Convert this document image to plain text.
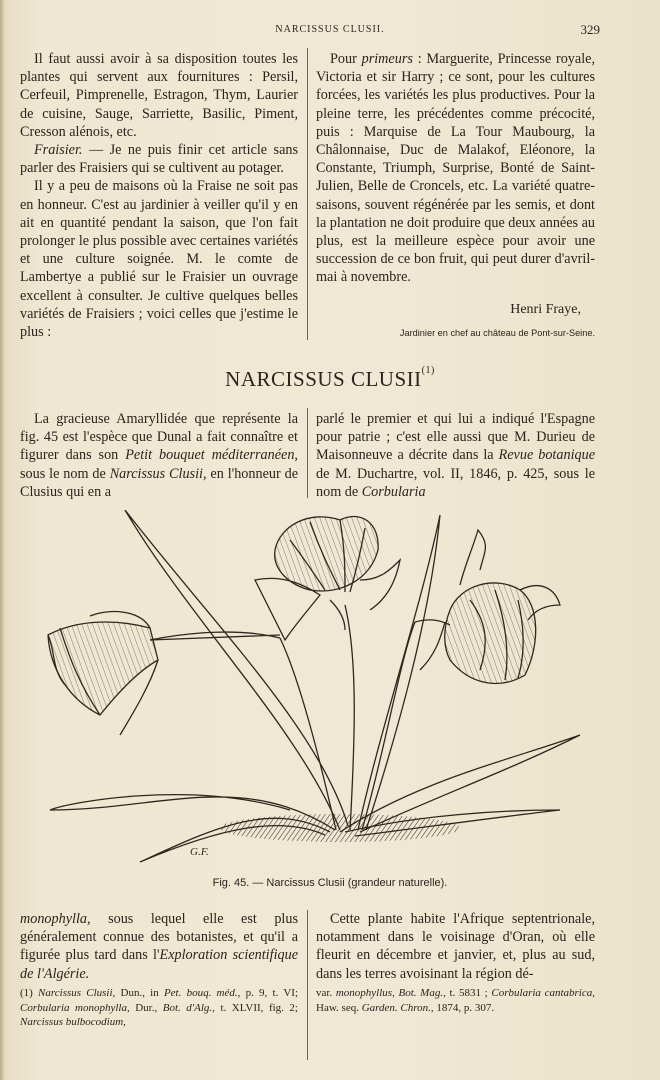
NARCISSUS CLUSII.	329

Il faut aussi avoir à sa disposition toutes les plantes qui servent aux fournitures : Persil, Cerfeuil, Pimprenelle, Estragon, Thym, Laurier de cuisine, Sauge, Sarriette, Basilic, Piment, Cresson alénois, etc.

Fraisier. — Je ne puis finir cet article sans parler des Fraisiers qui se cultivent au potager.

Il y a peu de maisons où la Fraise ne soit pas en honneur. C'est au jardinier à veiller qu'il y en ait en quantité pendant la saison, que l'on fait prolonger le plus possible avec certaines variétés et une culture soignée. M. le comte de Lambertye a publié sur le Fraisier un ouvrage excellent à consulter. Je cultive quelques belles variétés de Fraisiers ; voici celles que j'estime le plus :

Pour primeurs : Marguerite, Princesse royale, Victoria et sir Harry ; ce sont, pour les cultures forcées, les variétés les plus productives. Pour la pleine terre, les précédentes comme précocité, puis : Marquise de La Tour Maubourg, la Châlonnaise, Duc de Malakof, Eléonore, la Constante, Triumph, Surprise, Bonté de Saint-Julien, Belle de Croncels, etc. La variété quatre-saisons, souvent régénérée par les semis, et dont la plantation ne doit produire que deux années au plus, est la meilleure espèce pour avoir une succession de ce bon fruit, qui peut durer d'avril-mai à novembre.

Henri Fraye,
Jardinier en chef au château de Pont-sur-Seine.
NARCISSUS CLUSII$^{(1)}$

La gracieuse Amaryllidée que représente la fig. 45 est l'espèce que Dunal a fait connaître et figurer dans son Petit bouquet méditerranéen, sous le nom de Narcissus Clusii, en l'honneur de Clusius qui en a

parlé le premier et qui lui a indiqué l'Espagne pour patrie ; c'est elle aussi que M. Durieu de Maisonneuve a décrite dans la Revue botanique de M. Duchartre, vol. II, 1846, p. 425, sous le nom de Corbularia

G.F.
Fig. 45. — Narcissus Clusii (grandeur naturelle).

monophylla, sous lequel elle est plus généralement connue des botanistes, et qu'il a figurée plus tard dans l'Exploration scientifique de l'Algérie.

Cette plante habite l'Afrique septentrionale, notamment dans le voisinage d'Oran, où elle fleurit en décembre et janvier, et, plus au sud, dans les terres avoisinant la région dé-

(1) Narcissus Clusii, Dun., in Pet. bouq. méd., p. 9, t. VI; Corbularia monophylla, Dur., Bot. d'Alg., t. XLVII, fig. 2; Narcissus bulbocodium,
var. monophyllus, Bot. Mag., t. 5831 ; Corbularia cantabrica, Haw. seq. Garden. Chron., 1874, p. 307.
